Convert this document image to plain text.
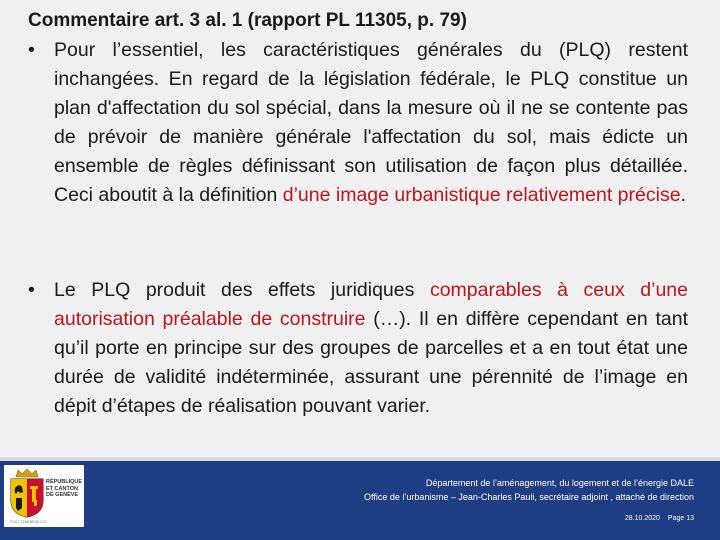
Commentaire art. 3 al. 1 (rapport PL 11305, p. 79)
• Pour l’essentiel, les caractéristiques générales du (PLQ) restent inchangées. En regard de la législation fédérale, le PLQ constitue un plan d'affectation du sol spécial, dans la mesure où il ne se contente pas de prévoir de manière générale l'affectation du sol, mais édicte un ensemble de règles définissant son utilisation de façon plus détaillée. Ceci aboutit à la définition d’une image urbanistique relativement précise.
• Le PLQ produit des effets juridiques comparables à ceux d’une autorisation préalable de construire (…). Il en diffère cependant en tant qu’il porte en principe sur des groupes de parcelles et a en tout état une durée de validité indéterminée, assurant une pérennité de l’image en dépit d’étapes de réalisation pouvant varier.
RÉPUBLIQUE
ET CANTON
DE GENÈVE
POST TENEBRAS LUX
Département de l’aménagement, du logement et de l’énergie DALE
Office de l’urbanisme – Jean-Charles Pauli, secrétaire adjoint , attaché de direction
28.10.2020 Page 13
